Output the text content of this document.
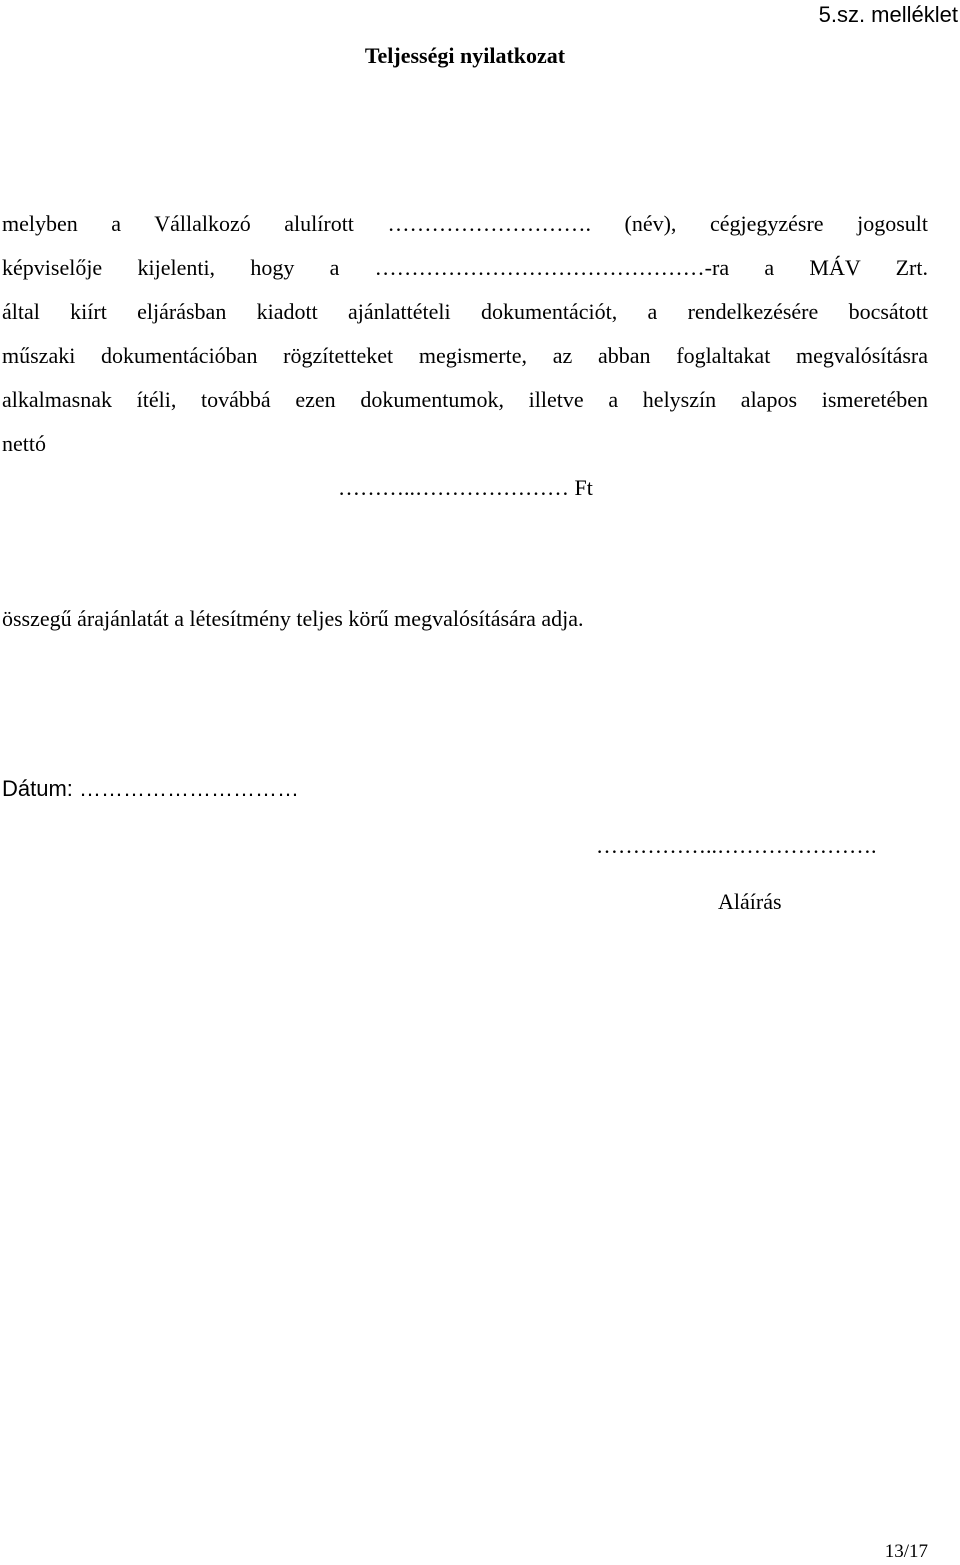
5.sz. melléklet
Teljességi nyilatkozat
melyben a Vállalkozó alulírott ………………………. (név), cégjegyzésre jogosult
képviselője kijelenti, hogy a ………………………………………-ra a MÁV Zrt.
által kiírt eljárásban kiadott ajánlattételi dokumentációt, a rendelkezésére bocsátott
műszaki dokumentációban rögzítetteket megismerte, az abban foglaltakat megvalósításra
alkalmasnak ítéli, továbbá ezen dokumentumok, illetve a helyszín alapos ismeretében
nettó
………..………………… Ft
összegű árajánlatát a létesítmény teljes körű megvalósítására adja.
Dátum: …………………………
……………..………………….
Aláírás
13/17
